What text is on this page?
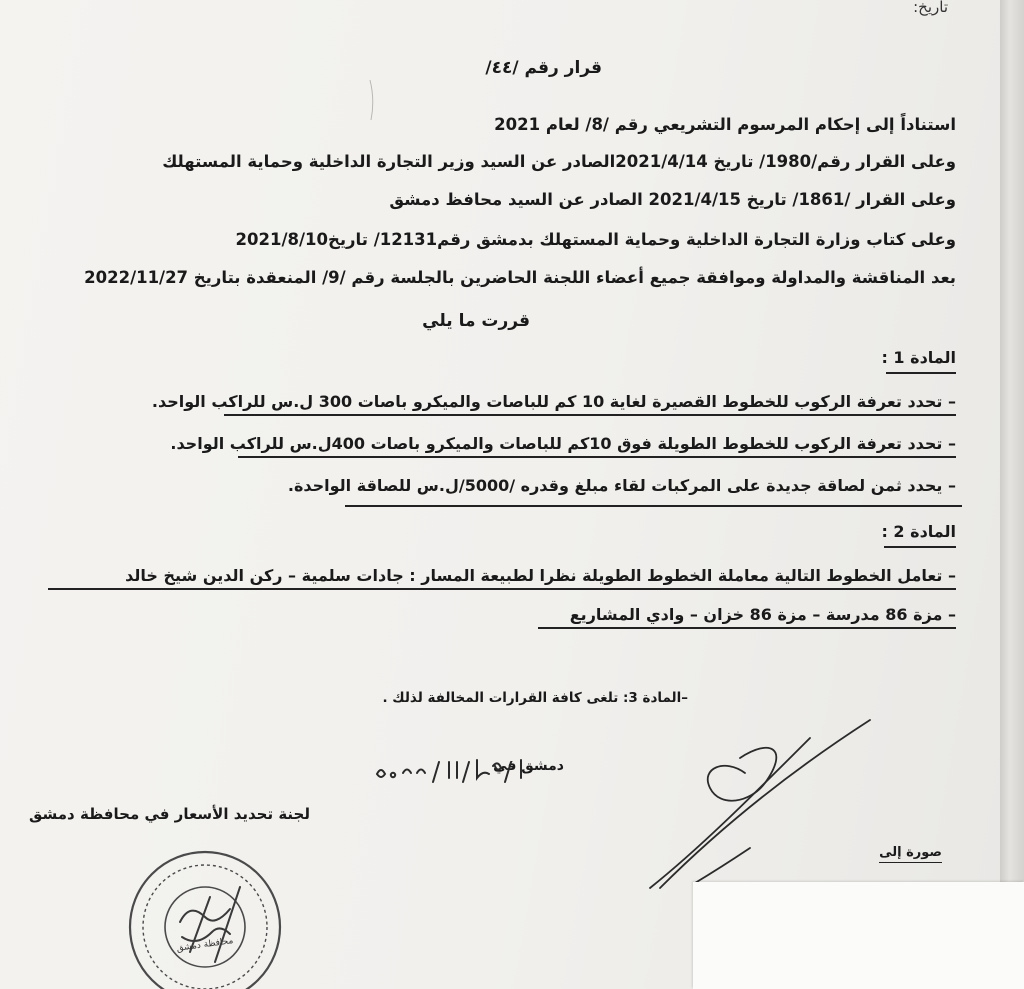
تاريخ:
قرار رقم /٤٤/
استناداً إلى إحكام المرسوم التشريعي رقم /8/ لعام 2021
وعلى القرار رقم/1980/ تاريخ 2021/4/14الصادر عن السيد وزير التجارة الداخلية وحماية المستهلك
وعلى القرار /1861/ تاريخ 2021/4/15 الصادر عن السيد محافظ دمشق
وعلى كتاب وزارة التجارة الداخلية وحماية المستهلك بدمشق رقم12131/ تاريخ2021/8/10
بعد المناقشة والمداولة وموافقة جميع أعضاء اللجنة الحاضرين بالجلسة رقم /9/ المنعقدة بتاريخ 2022/11/27
قررت ما يلي
المادة 1 :
– تحدد تعرفة الركوب للخطوط القصيرة لغاية 10 كم للباصات والميكرو باصات 300 ل.س للراكب الواحد.
– تحدد تعرفة الركوب للخطوط الطويلة فوق 10كم للباصات والميكرو باصات 400ل.س للراكب الواحد.
– يحدد ثمن لصاقة جديدة على المركبات لقاء مبلغ وقدره /5000/ل.س للصاقة الواحدة.
المادة 2 :
– تعامل الخطوط التالية معاملة الخطوط الطويلة نظرا لطبيعة المسار : جادات سلمية – ركن الدين شيخ خالد
– مزة 86 مدرسة – مزة 86 خزان – وادي المشاريع
–المادة 3: تلغى كافة القرارات المخالفة لذلك .
دمشق في
لجنة تحديد الأسعار في محافظة دمشق
صورة إلى
محافظة دمشق
